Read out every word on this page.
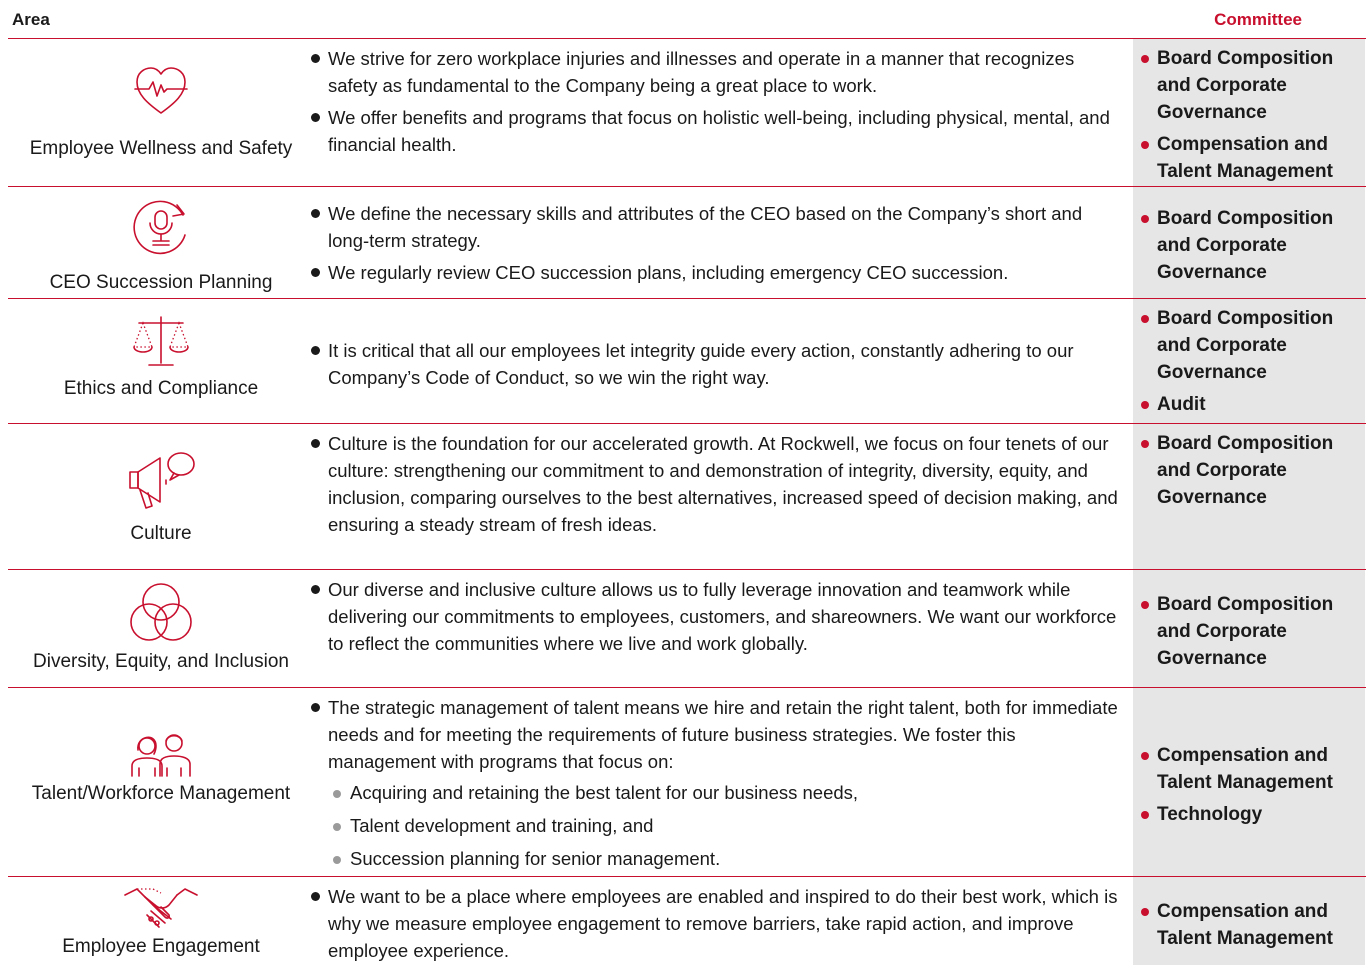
Area	Committee
Employee Wellness and Safety
We strive for zero workplace injuries and illnesses and operate in a manner that recognizes safety as fundamental to the Company being a great place to work.
We offer benefits and programs that focus on holistic well-being, including physical, mental, and financial health.
Board Composition and Corporate Governance
Compensation and Talent Management
CEO Succession Planning
We define the necessary skills and attributes of the CEO based on the Company’s short and long-term strategy.
We regularly review CEO succession plans, including emergency CEO succession.
Board Composition and Corporate Governance
Ethics and Compliance
It is critical that all our employees let integrity guide every action, constantly adhering to our Company’s Code of Conduct, so we win the right way.
Board Composition and Corporate Governance
Audit
Culture
Culture is the foundation for our accelerated growth. At Rockwell, we focus on four tenets of our culture: strengthening our commitment to and demonstration of integrity, diversity, equity, and inclusion, comparing ourselves to the best alternatives, increased speed of decision making, and ensuring a steady stream of fresh ideas.
Board Composition and Corporate Governance
Diversity, Equity, and Inclusion
Our diverse and inclusive culture allows us to fully leverage innovation and teamwork while delivering our commitments to employees, customers, and shareowners. We want our workforce to reflect the communities where we live and work globally.
Board Composition and Corporate Governance
Talent/Workforce Management
The strategic management of talent means we hire and retain the right talent, both for immediate needs and for meeting the requirements of future business strategies. We foster this management with programs that focus on:
Acquiring and retaining the best talent for our business needs,
Talent development and training, and
Succession planning for senior management.
Compensation and Talent Management
Technology
Employee Engagement
We want to be a place where employees are enabled and inspired to do their best work, which is why we measure employee engagement to remove barriers, take rapid action, and improve employee experience.
Compensation and Talent Management
